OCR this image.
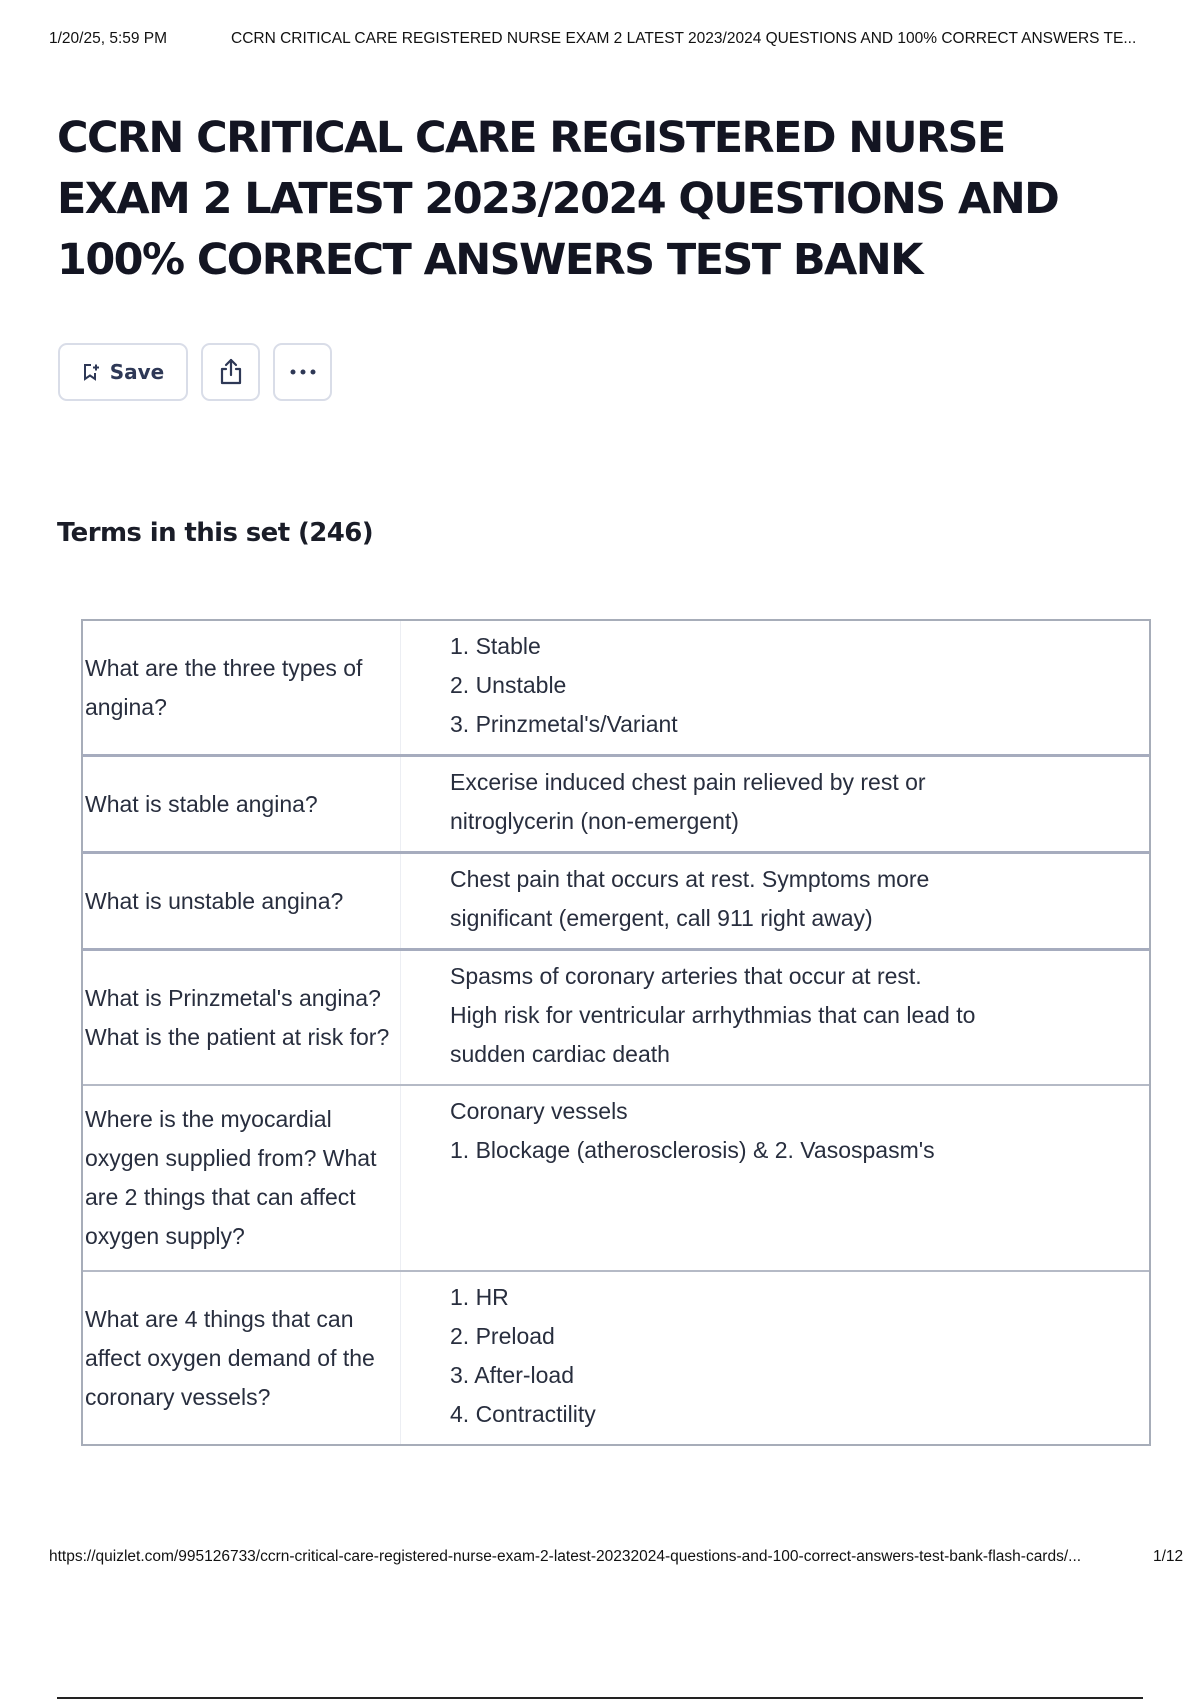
1/20/25, 5:59 PM	CCRN CRITICAL CARE REGISTERED NURSE EXAM 2 LATEST 2023/2024 QUESTIONS AND 100% CORRECT ANSWERS TE...
CCRN CRITICAL CARE REGISTERED NURSE EXAM 2 LATEST 2023/2024 QUESTIONS AND 100% CORRECT ANSWERS TEST BANK
Save
Terms in this set (246)
What are the three types of angina?
1. Stable
2. Unstable
3. Prinzmetal's/Variant
What is stable angina?
Excerise induced chest pain relieved by rest or
nitroglycerin (non-emergent)
What is unstable angina?
Chest pain that occurs at rest. Symptoms more
significant (emergent, call 911 right away)
What is Prinzmetal's angina? What is the patient at risk for?
Spasms of coronary arteries that occur at rest.
High risk for ventricular arrhythmias that can lead to
sudden cardiac death
Where is the myocardial oxygen supplied from? What are 2 things that can affect oxygen supply?
Coronary vessels
1. Blockage (atherosclerosis) & 2. Vasospasm's
What are 4 things that can affect oxygen demand of the coronary vessels?
1. HR
2. Preload
3. After-load
4. Contractility
https://quizlet.com/995126733/ccrn-critical-care-registered-nurse-exam-2-latest-20232024-questions-and-100-correct-answers-test-bank-flash-cards/...	1/12
